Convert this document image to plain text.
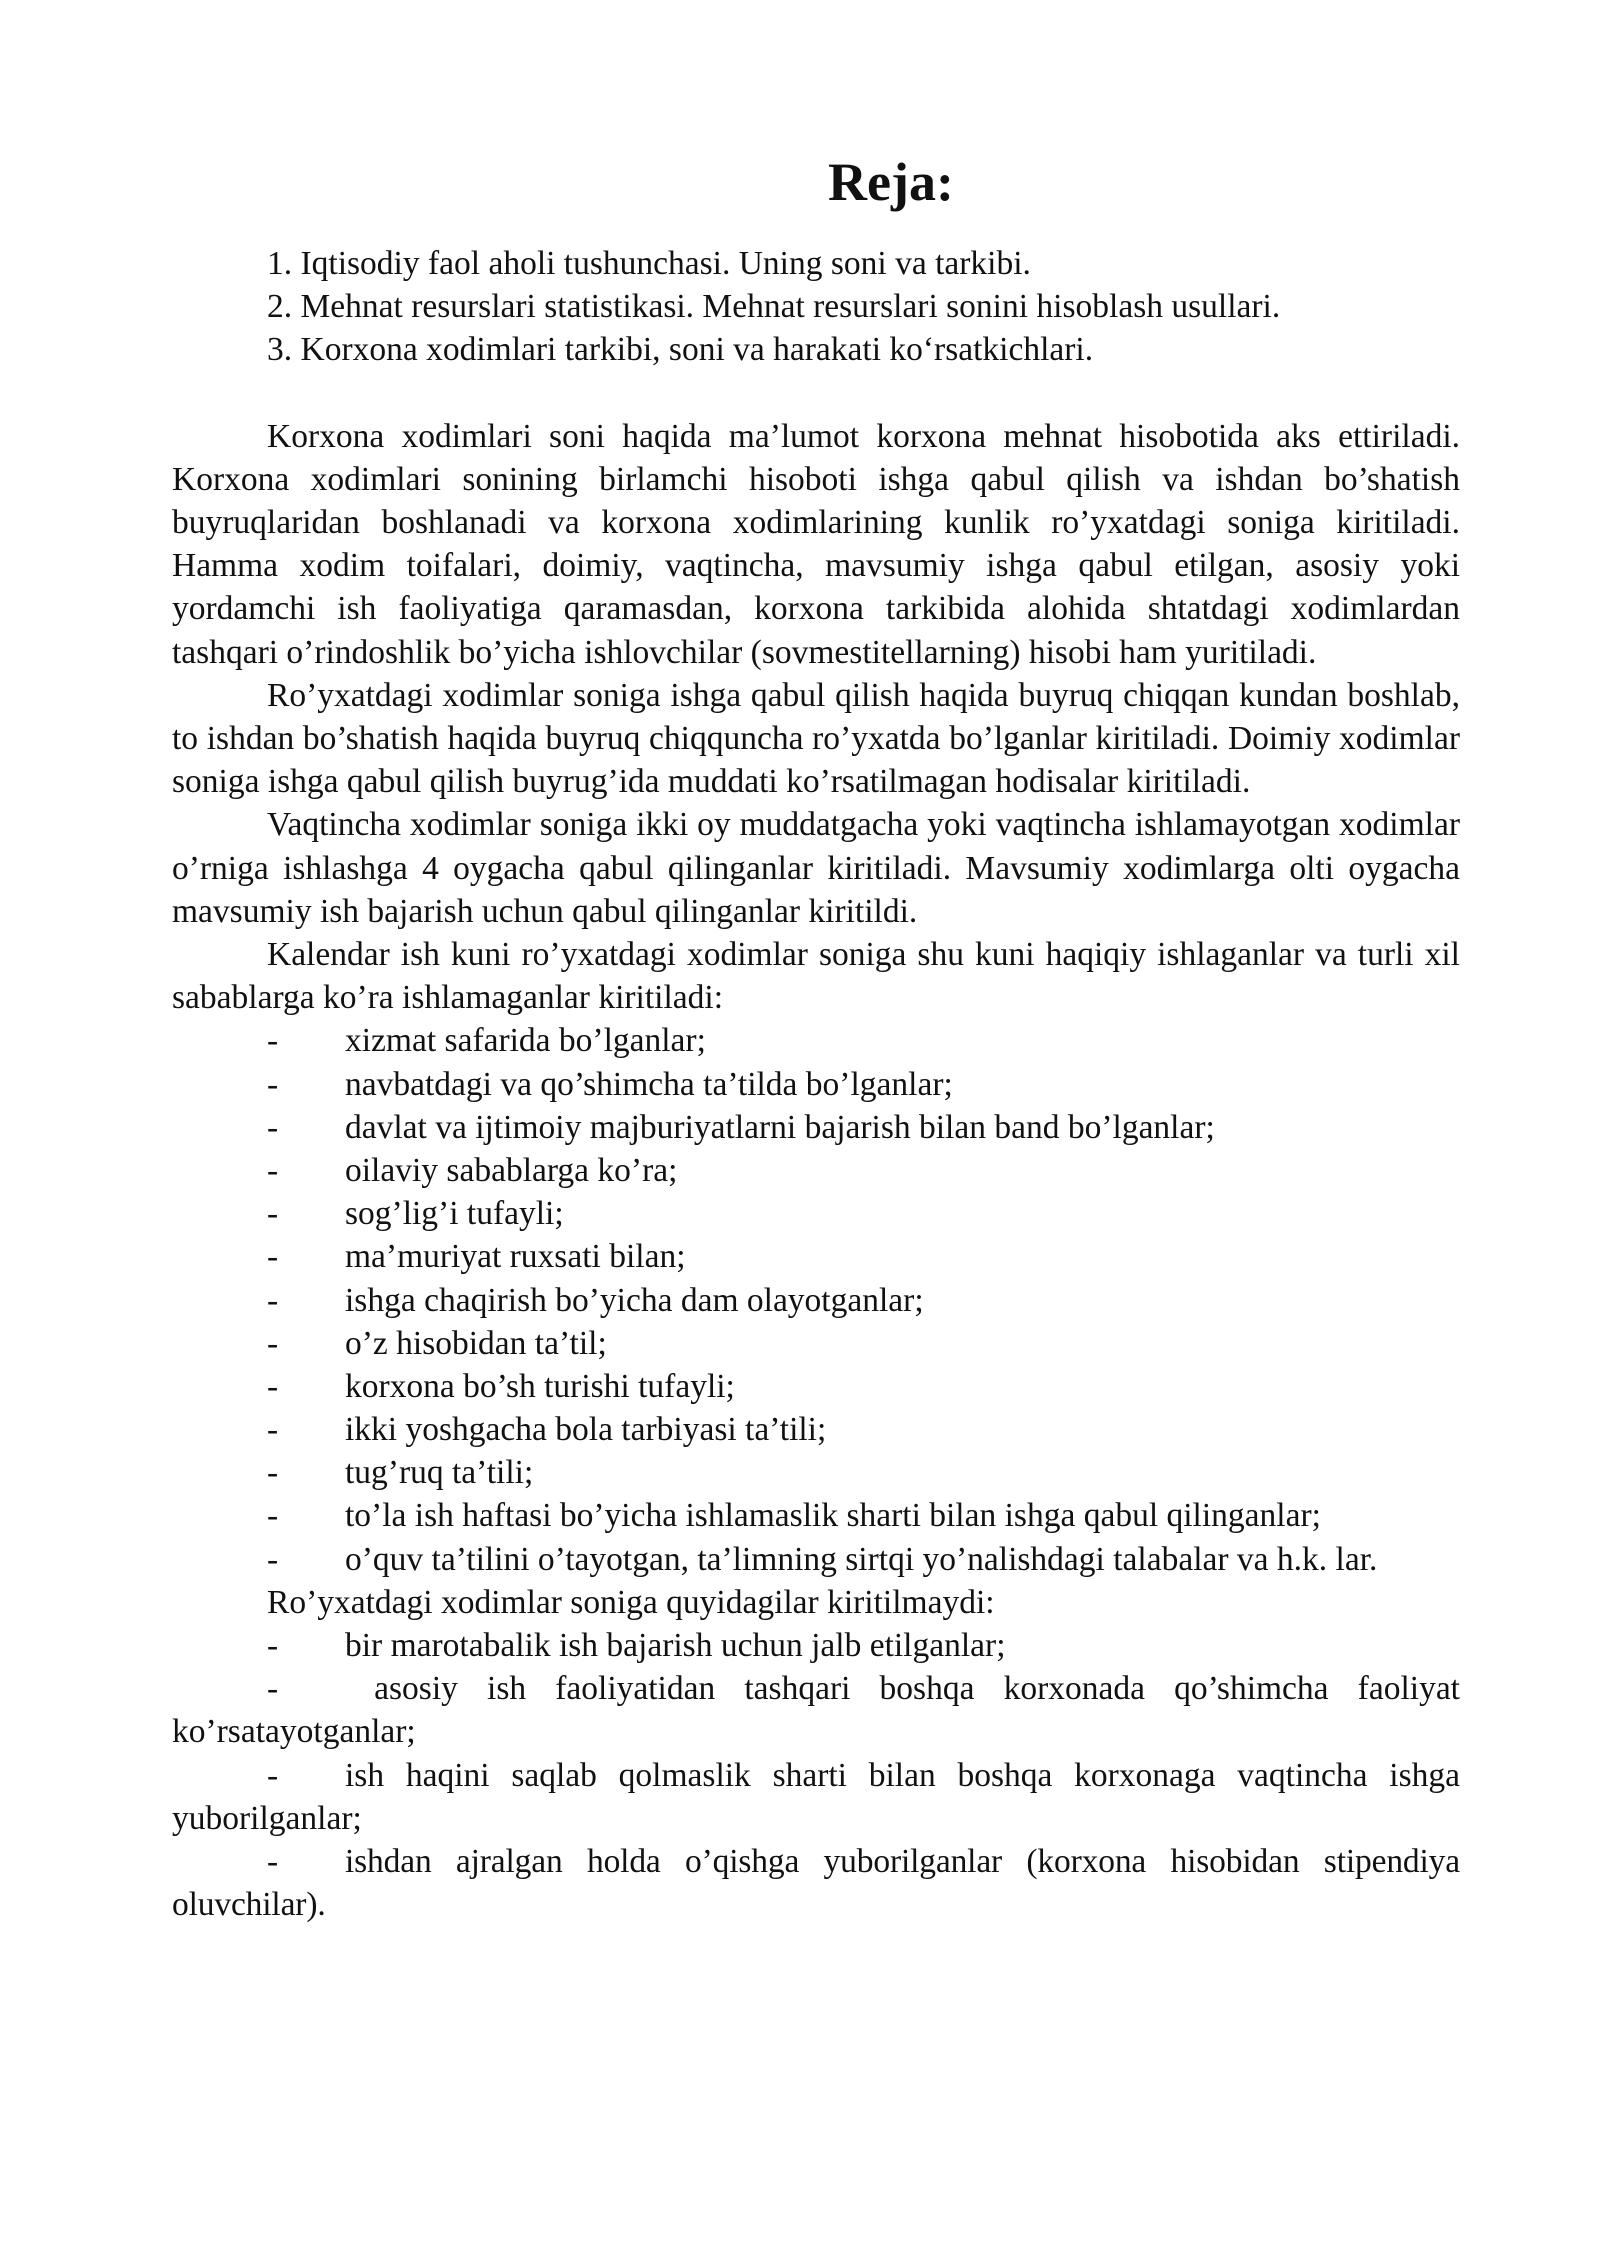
Reja:
1. Iqtisodiy faol aholi tushunchasi. Uning soni va tarkibi.
2. Mehnat resurslari statistikasi. Mehnat resurslari sonini hisoblash usullari.
3. Korxona xodimlari tarkibi, soni va harakati ko‘rsatkichlari.

Korxona xodimlari soni haqida ma’lumot korxona mehnat hisobotida aks ettiriladi. Korxona xodimlari sonining birlamchi hisoboti ishga qabul qilish va ishdan bo’shatish buyruqlaridan boshlanadi va korxona xodimlarining kunlik ro’yxatdagi soniga kiritiladi. Hamma xodim toifalari, doimiy, vaqtincha, mavsumiy ishga qabul etilgan, asosiy yoki yordamchi ish faoliyatiga qaramasdan, korxona tarkibida alohida shtatdagi xodimlardan tashqari o’rindoshlik bo’yicha ishlovchilar (sovmestitellarning) hisobi ham yuritiladi.

Ro’yxatdagi xodimlar soniga ishga qabul qilish haqida buyruq chiqqan kundan boshlab, to ishdan bo’shatish haqida buyruq chiqquncha ro’yxatda bo’lganlar kiritiladi. Doimiy xodimlar soniga ishga qabul qilish buyrug’ida muddati ko’rsatilmagan hodisalar kiritiladi.

Vaqtincha xodimlar soniga ikki oy muddatgacha yoki vaqtincha ishlamayotgan xodimlar o’rniga ishlashga 4 oygacha qabul qilinganlar kiritiladi. Mavsumiy xodimlarga olti oygacha mavsumiy ish bajarish uchun qabul qilinganlar kiritildi.

Kalendar ish kuni ro’yxatdagi xodimlar soniga shu kuni haqiqiy ishlaganlar va turli xil sabablarga ko’ra ishlamaganlar kiritiladi:

- xizmat safarida bo’lganlar;
- navbatdagi va qo’shimcha ta’tilda bo’lganlar;
- davlat va ijtimoiy majburiyatlarni bajarish bilan band bo’lganlar;
- oilaviy sabablarga ko’ra;
- sog’lig’i tufayli;
- ma’muriyat ruxsati bilan;
- ishga chaqirish bo’yicha dam olayotganlar;
- o’z hisobidan ta’til;
- korxona bo’sh turishi tufayli;
- ikki yoshgacha bola tarbiyasi ta’tili;
- tug’ruq ta’tili;
- to’la ish haftasi bo’yicha ishlamaslik sharti bilan ishga qabul qilinganlar;

- o’quv ta’tilini o’tayotgan, ta’limning sirtqi yo’nalishdagi talabalar va h.k. lar.

Ro’yxatdagi xodimlar soniga quyidagilar kiritilmaydi:

- bir marotabalik ish bajarish uchun jalb etilganlar;

- asosiy ish faoliyatidan tashqari boshqa korxonada qo’shimcha faoliyat ko’rsatayotganlar;

- ish haqini saqlab qolmaslik sharti bilan boshqa korxonaga vaqtincha ishga yuborilganlar;

- ishdan ajralgan holda o’qishga yuborilganlar (korxona hisobidan stipendiya oluvchilar).
